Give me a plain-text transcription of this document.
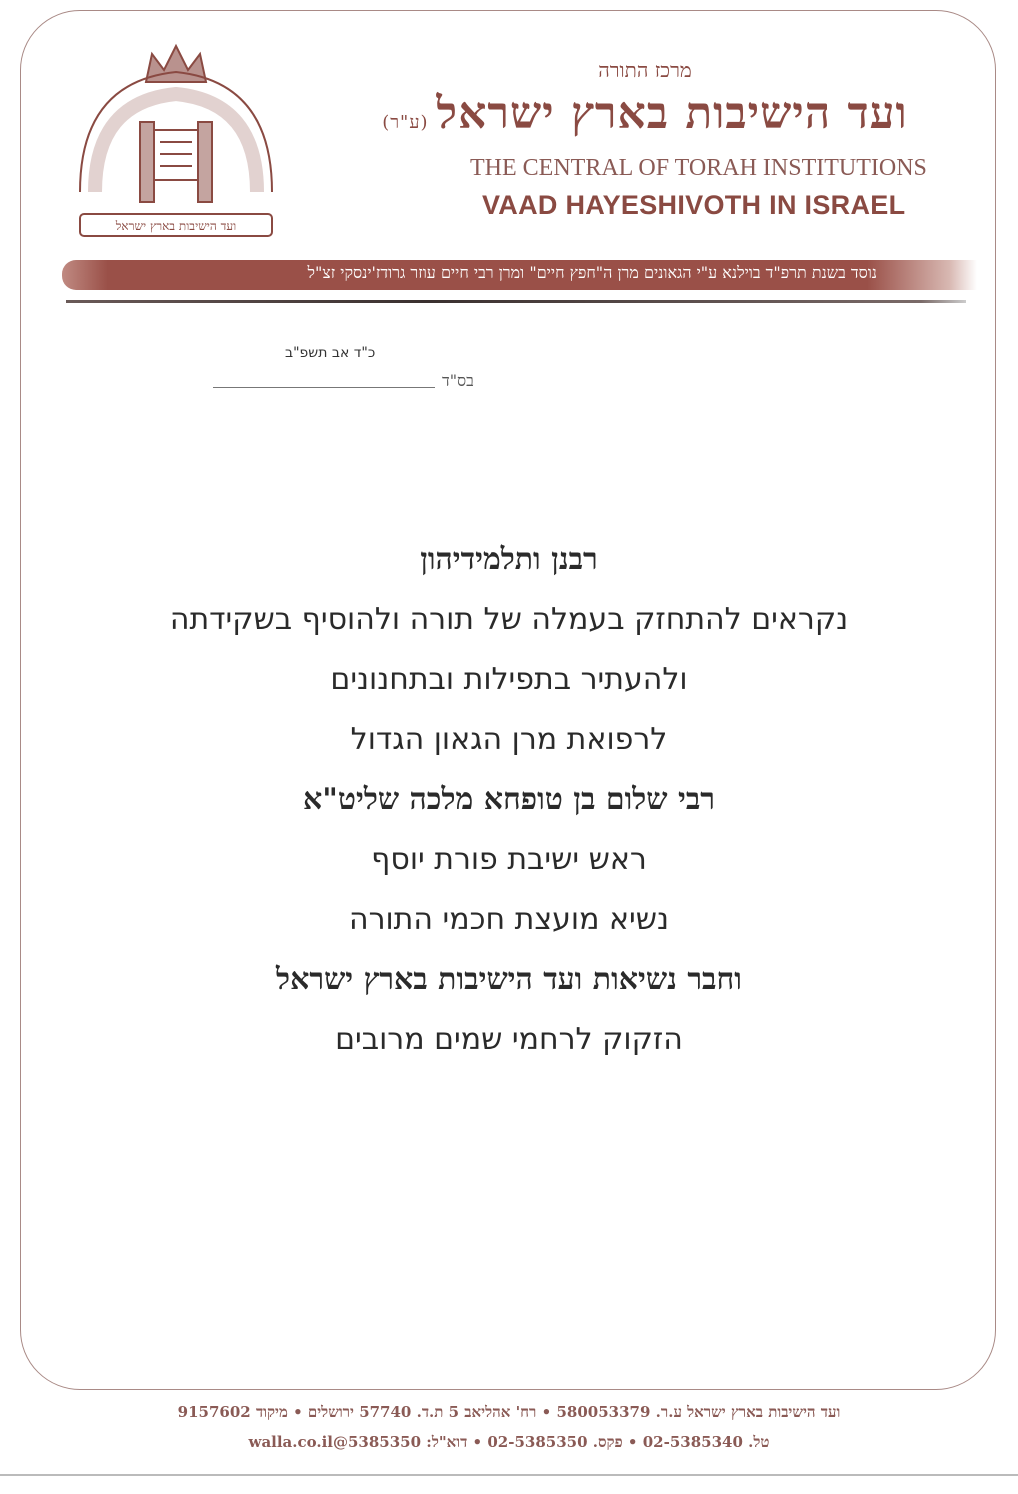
ועד הישיבות בארץ ישראל
מרכז התורה
ועד הישיבות בארץ ישראל(ע"ר)
THE CENTRAL OF TORAH INSTITUTIONS
VAAD HAYESHIVOTH IN ISRAEL
נוסד בשנת תרפ"ד בוילנא ע"י הגאונים מרן ה"חפץ חיים" ומרן רבי חיים עוזר גרודז'ינסקי זצ"ל
כ"ד אב תשפ"ב
בס"ד
רבנן ותלמידיהון
נקראים להתחזק בעמלה של תורה ולהוסיף בשקידתה
ולהעתיר בתפילות ובתחנונים
לרפואת מרן הגאון הגדול
רבי שלום בן טופחא מלכה שליט"א
ראש ישיבת פורת יוסף
נשיא מועצת חכמי התורה
וחבר נשיאות ועד הישיבות בארץ ישראל
הזקוק לרחמי שמים מרובים
ועד הישיבות בארץ ישראל ע.ר. 580053379 • רח' אהליאב 5 ת.ד. 57740 ירושלים • מיקוד 9157602
טל. 02-5385340 • פקס. 02-5385350 • דוא"ל: 5385350@walla.co.il
